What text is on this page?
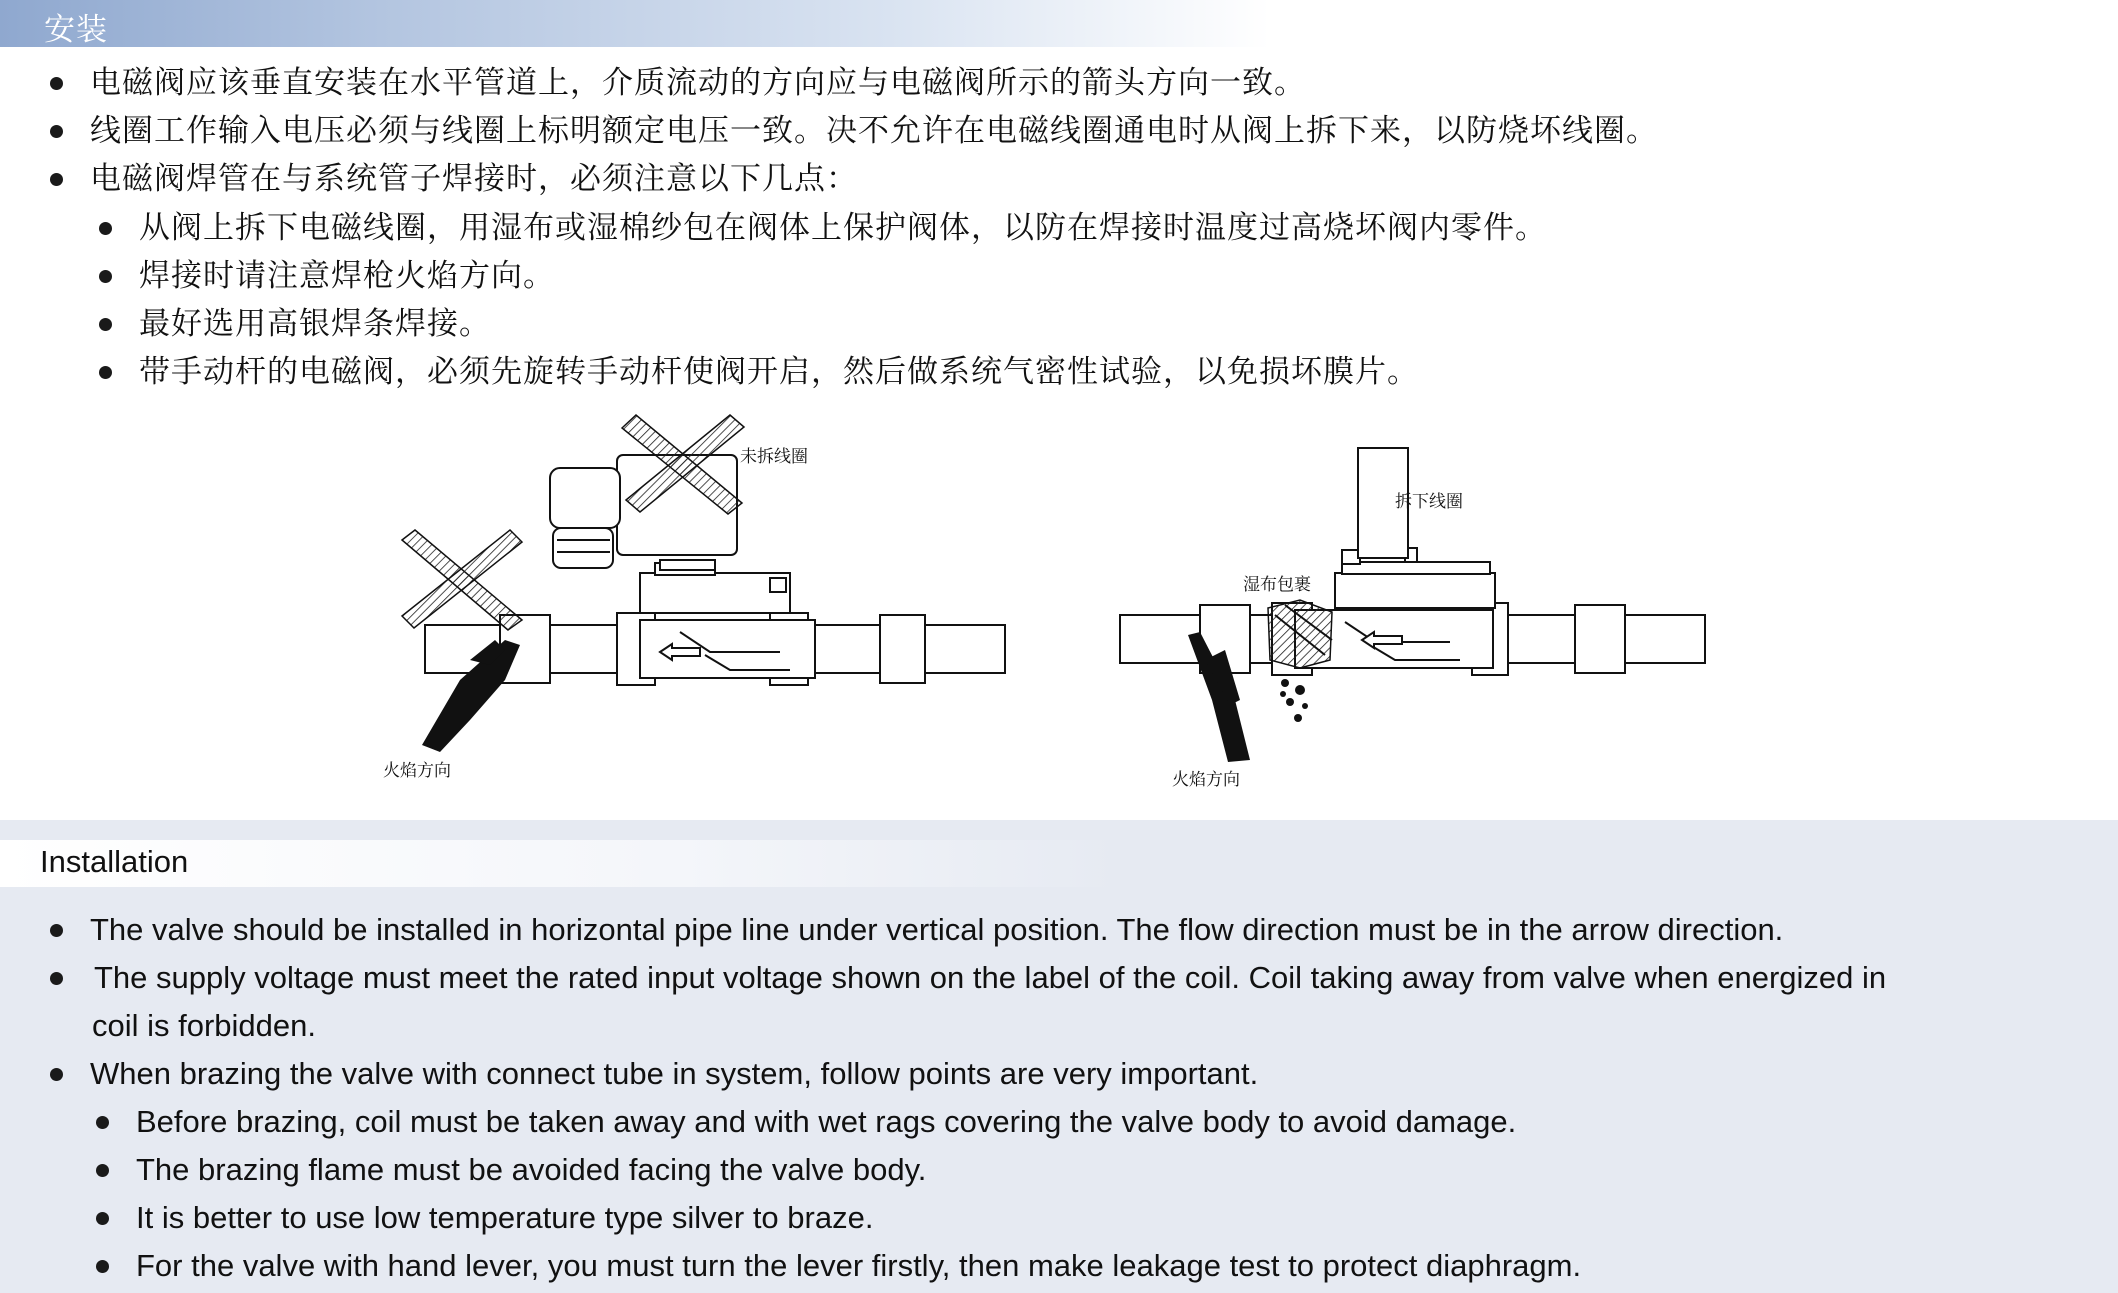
安装
电磁阀应该垂直安装在水平管道上，介质流动的方向应与电磁阀所示的箭头方向一致。
线圈工作输入电压必须与线圈上标明额定电压一致。决不允许在电磁线圈通电时从阀上拆下来，以防烧坏线圈。
电磁阀焊管在与系统管子焊接时，必须注意以下几点：
从阀上拆下电磁线圈，用湿布或湿棉纱包在阀体上保护阀体，以防在焊接时温度过高烧坏阀内零件。
焊接时请注意焊枪火焰方向。
最好选用高银焊条焊接。
带手动杆的电磁阀，必须先旋转手动杆使阀开启，然后做系统气密性试验，以免损坏膜片。
未拆线圈
火焰方向
拆下线圈
湿布包裹
火焰方向
Installation
The valve should be installed in horizontal pipe line under vertical position. The flow direction must be in the arrow direction.
The supply voltage must meet the rated input voltage shown on the label of the coil. Coil taking away from valve when energized in
coil is forbidden.
When brazing the valve with connect tube in system, follow points are very important.
Before brazing, coil must be taken away and with wet rags covering the valve body to avoid damage.
The brazing flame must be avoided facing the valve body.
It is better to use low temperature type silver to braze.
For the valve with hand lever, you must turn the lever firstly, then make leakage test to protect diaphragm.
